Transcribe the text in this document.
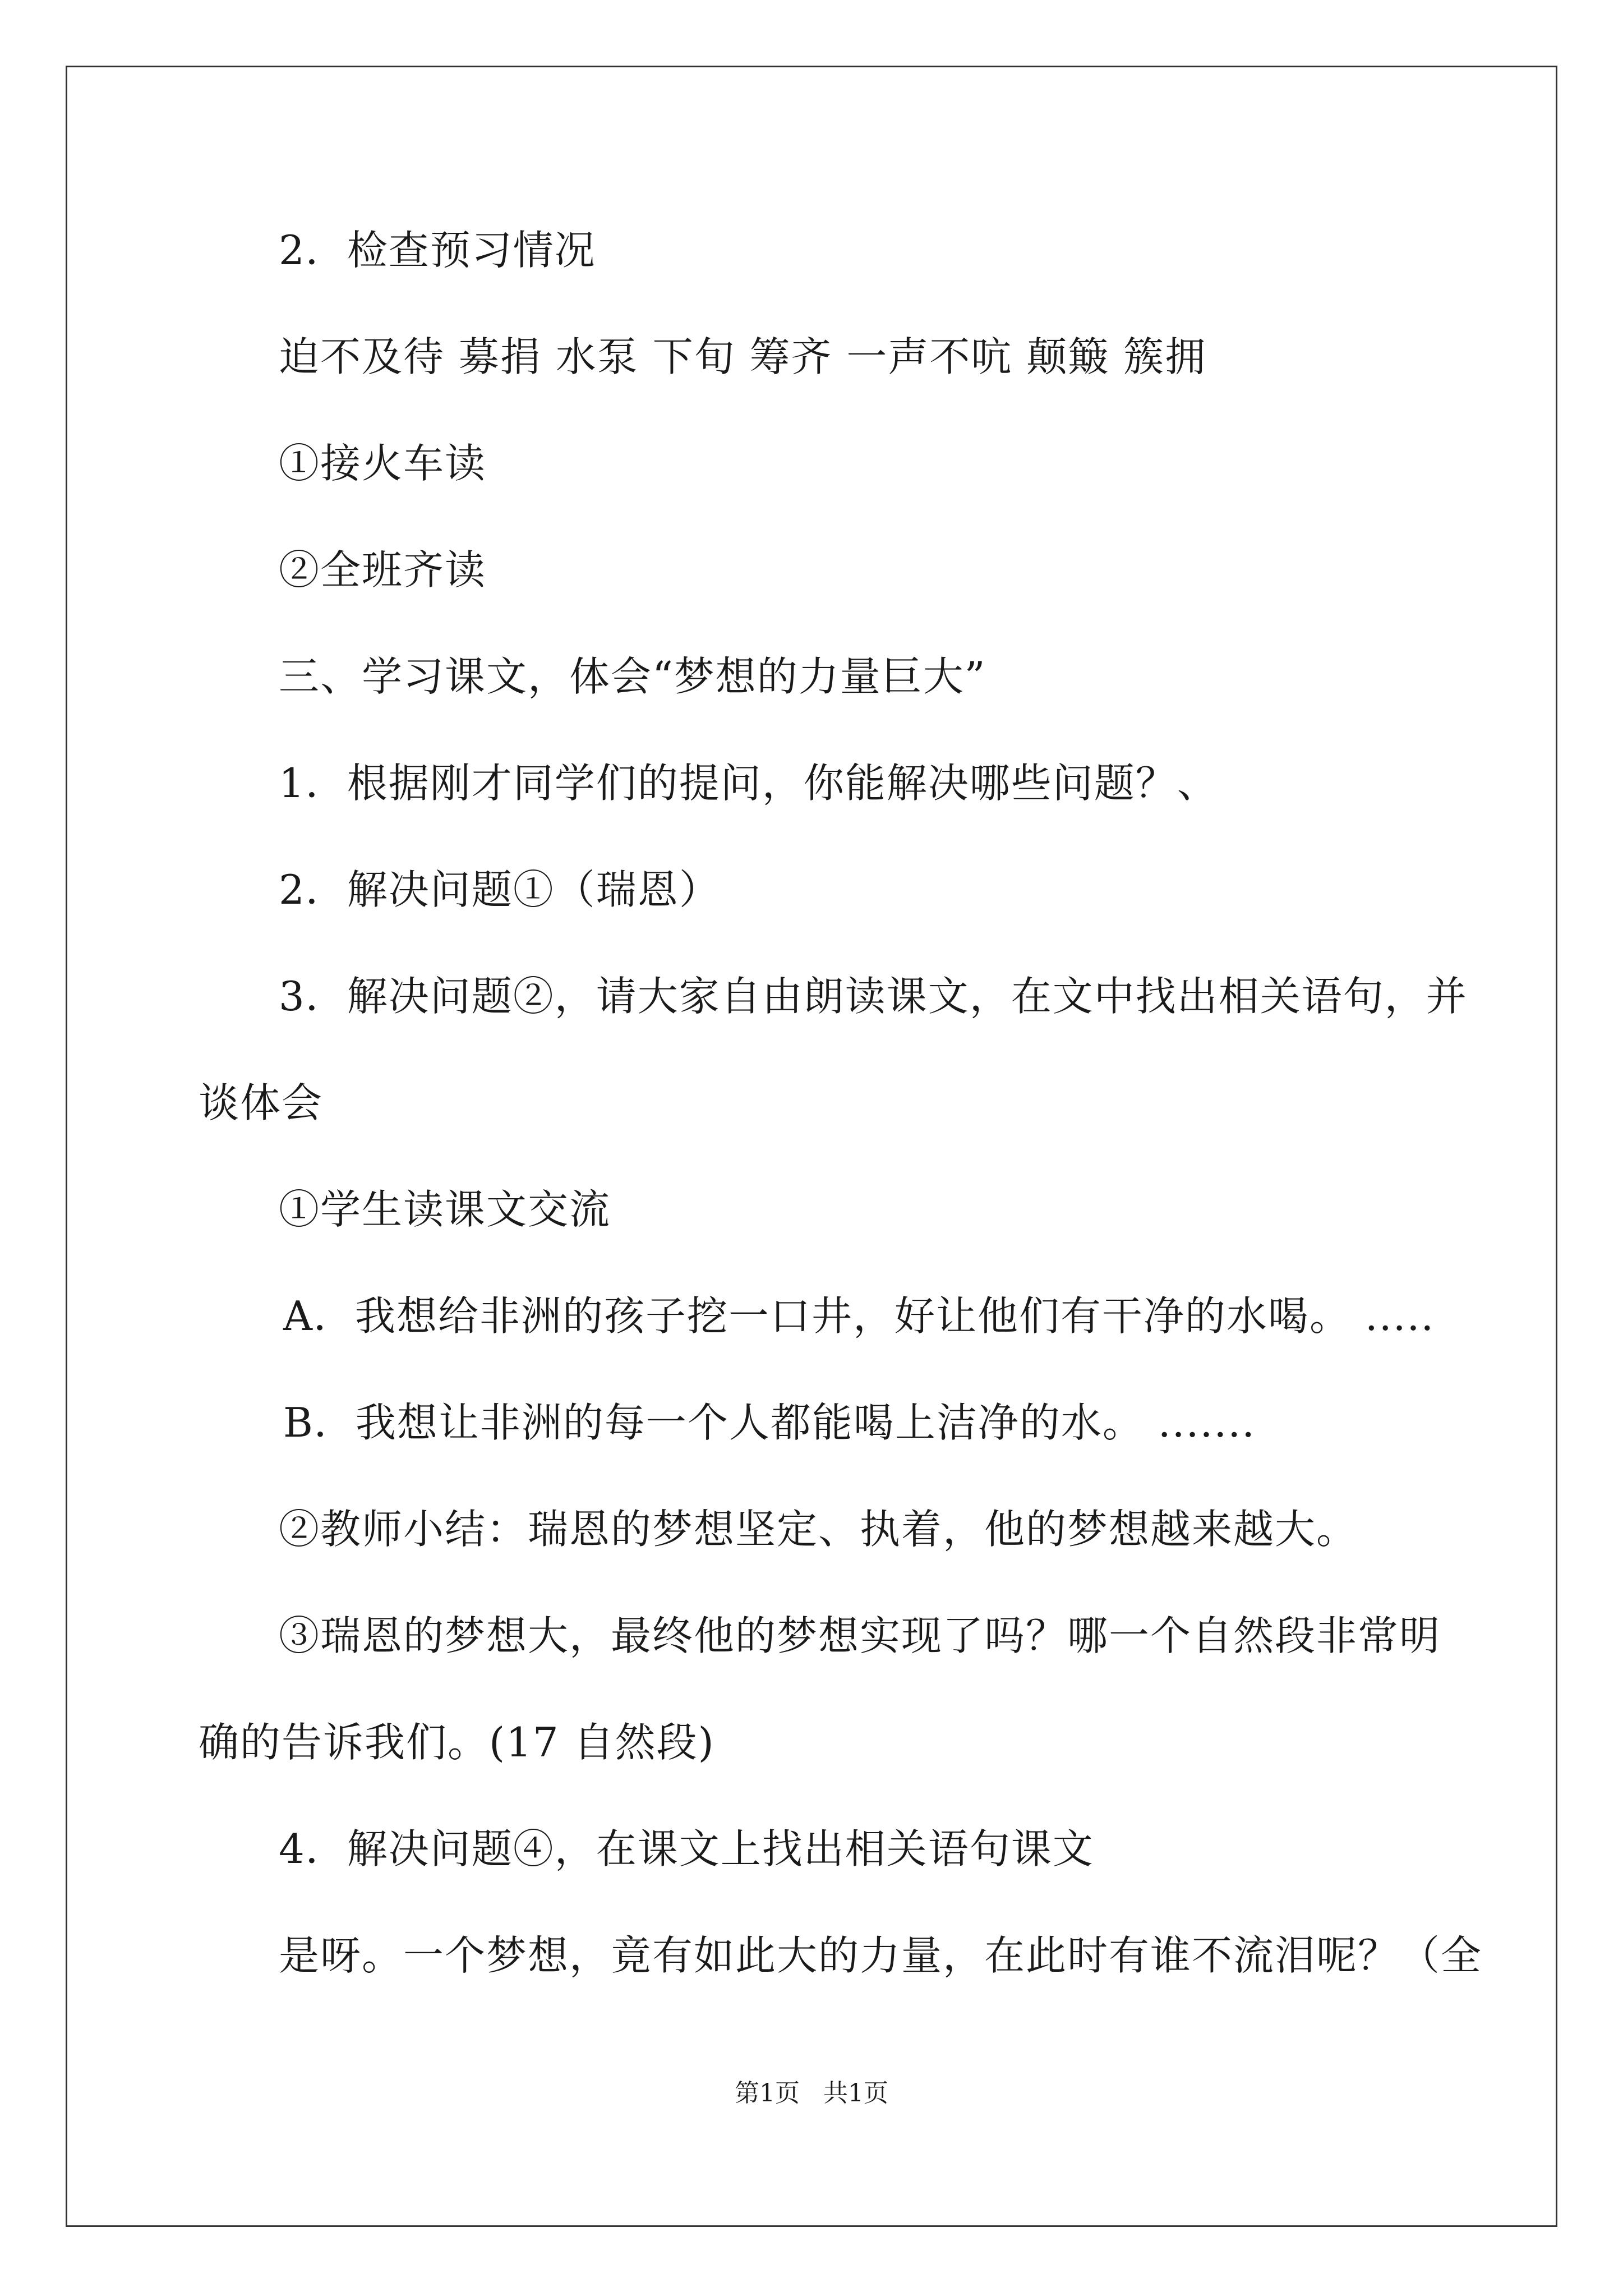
2．检查预习情况
迫不及待 募捐 水泵 下旬 筹齐 一声不吭 颠簸 簇拥
①接火车读
②全班齐读
三、学习课文，体会“梦想的力量巨大”
1．根据刚才同学们的提问，你能解决哪些问题？、
2．解决问题①（瑞恩）
3．解决问题②，请大家自由朗读课文，在文中找出相关语句，并
谈体会
①学生读课文交流
A．我想给非洲的孩子挖一口井，好让他们有干净的水喝。 .....
B．我想让非洲的每一个人都能喝上洁净的水。 .......
②教师小结：瑞恩的梦想坚定、执着，他的梦想越来越大。
③瑞恩的梦想大，最终他的梦想实现了吗？哪一个自然段非常明
确的告诉我们。(17 自然段)
4．解决问题④，在课文上找出相关语句课文
是呀。一个梦想，竟有如此大的力量，在此时有谁不流泪呢？（全
第1页   共1页
